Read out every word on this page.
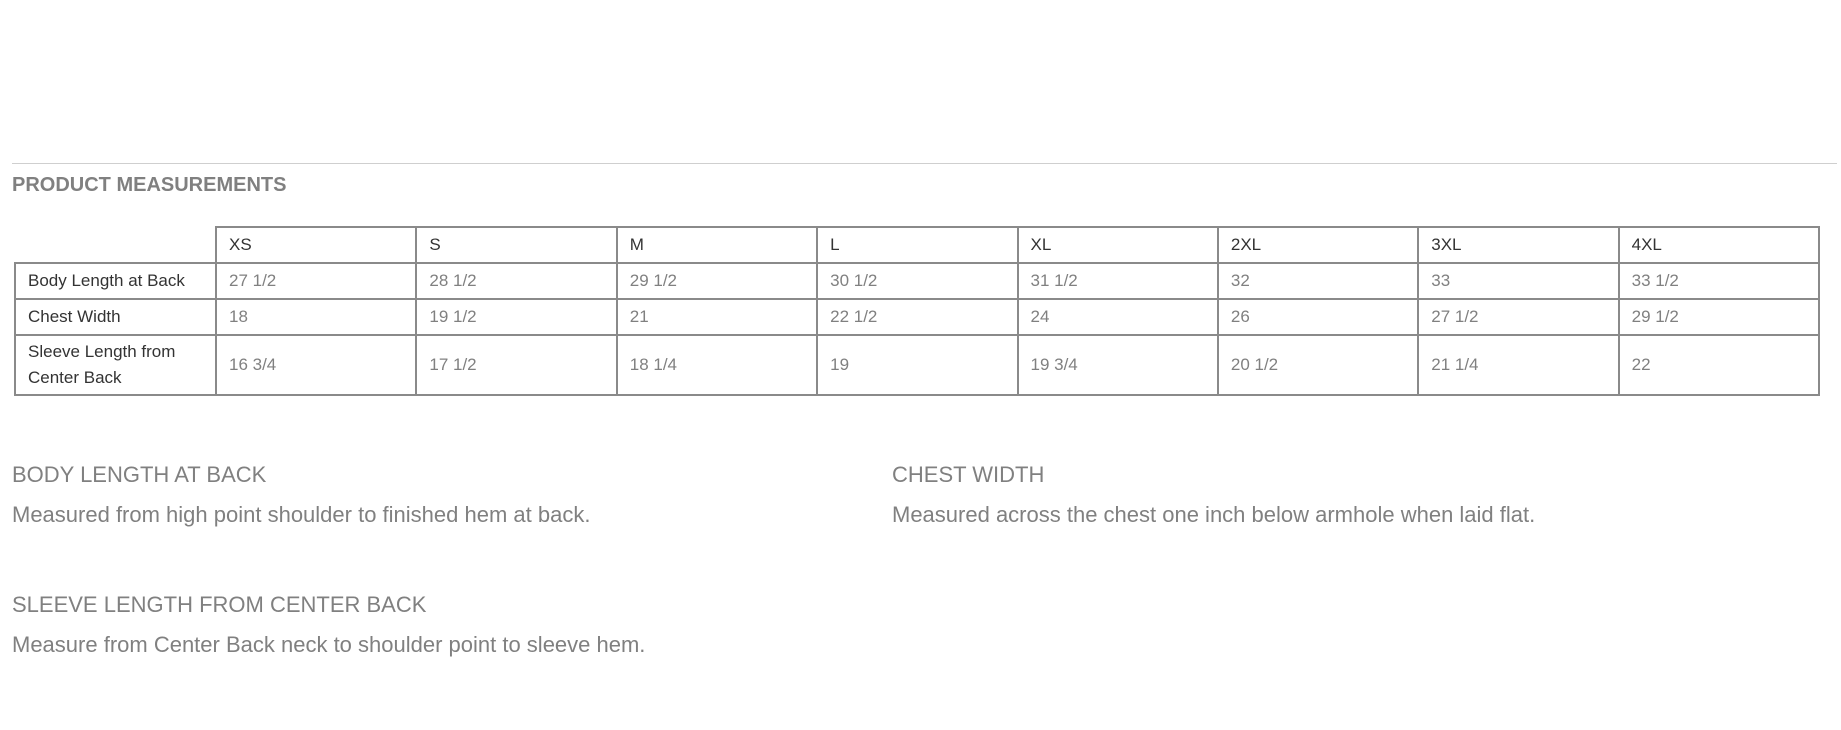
PRODUCT MEASUREMENTS
	XS	S	M	L	XL	2XL	3XL	4XL
Body Length at Back	27 1/2	28 1/2	29 1/2	30 1/2	31 1/2	32	33	33 1/2
Chest Width	18	19 1/2	21	22 1/2	24	26	27 1/2	29 1/2
Sleeve Length from Center Back	16 3/4	17 1/2	18 1/4	19	19 3/4	20 1/2	21 1/4	22

BODY LENGTH AT BACK

Measured from high point shoulder to finished hem at back.

CHEST WIDTH

Measured across the chest one inch below armhole when laid flat.

SLEEVE LENGTH FROM CENTER BACK

Measure from Center Back neck to shoulder point to sleeve hem.
